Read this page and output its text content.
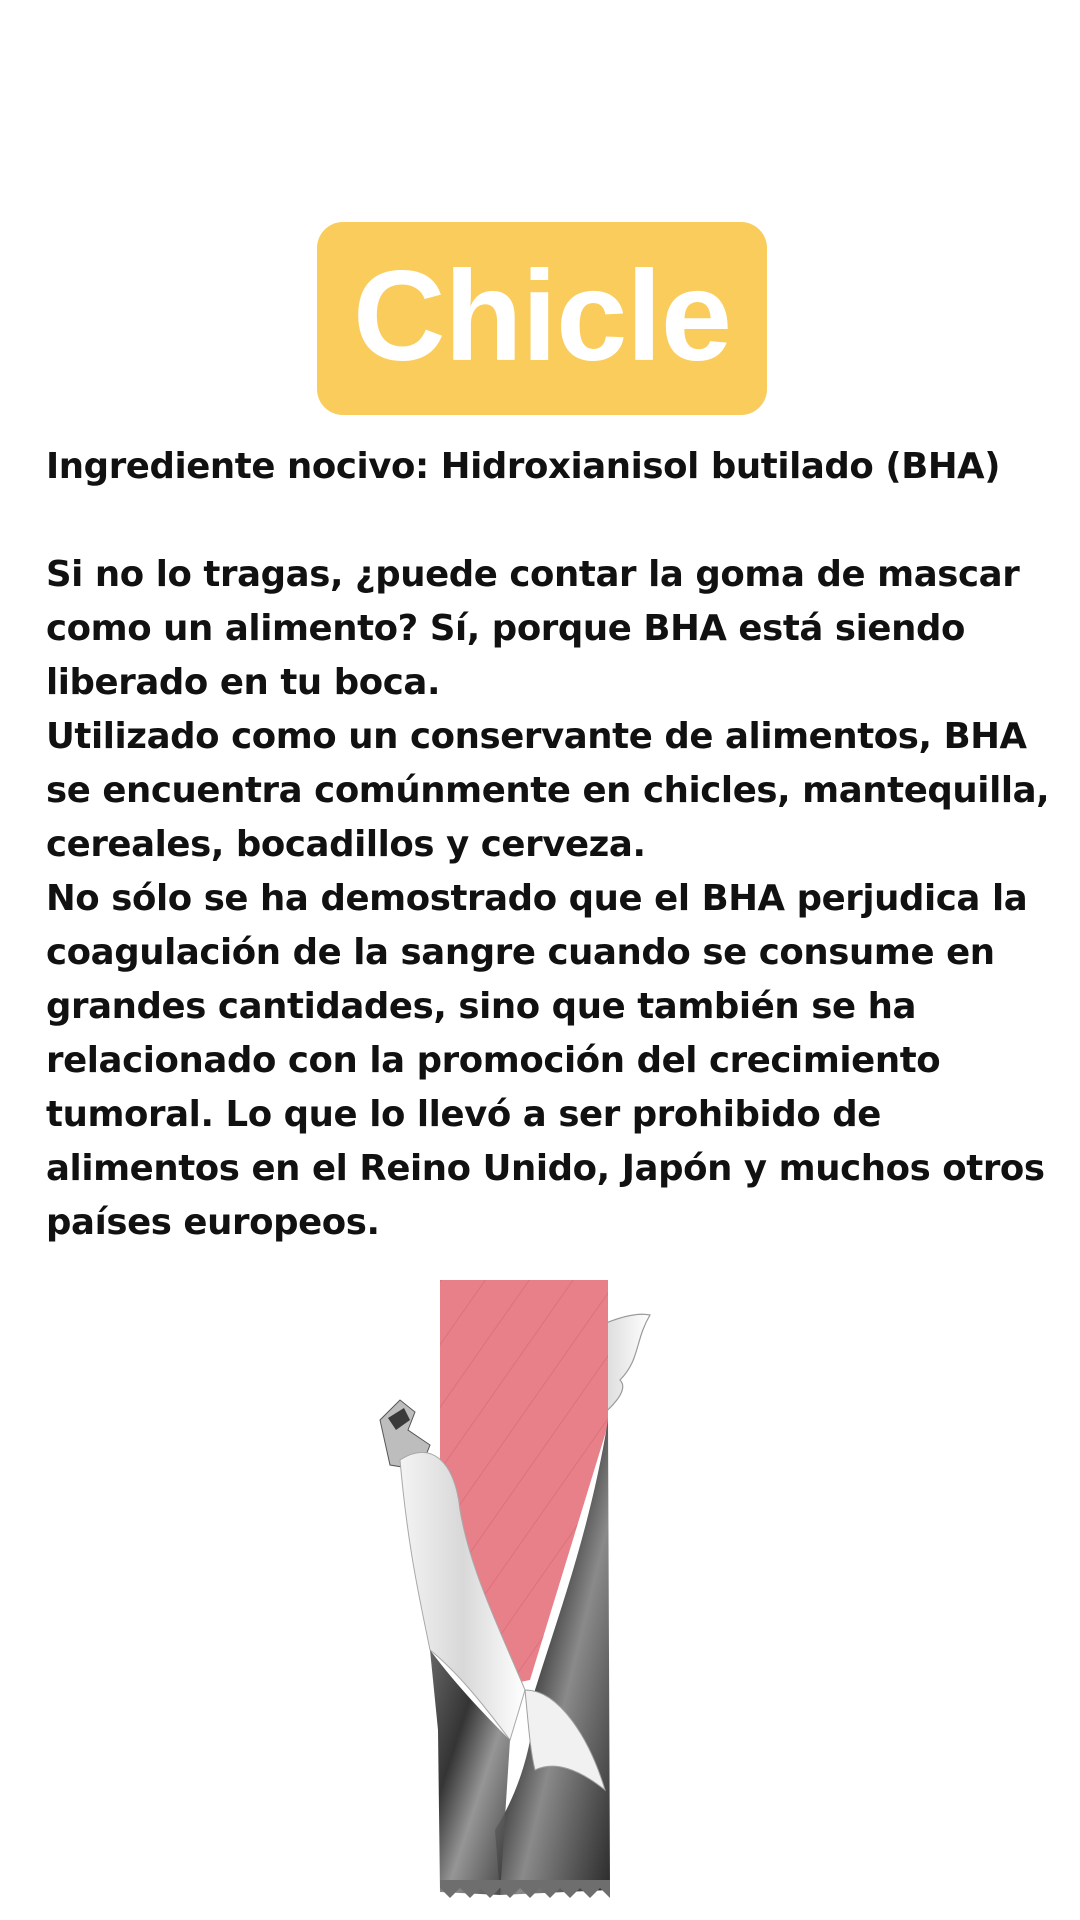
Chicle

Ingrediente nocivo: Hidroxianisol butilado (BHA)

Si no lo tragas, ¿puede contar la goma de mascar

como un alimento? Sí, porque BHA está siendo

liberado en tu boca.

Utilizado como un conservante de alimentos, BHA

se encuentra comúnmente en chicles, mantequilla,

cereales, bocadillos y cerveza.

No sólo se ha demostrado que el BHA perjudica la

coagulación de la sangre cuando se consume en

grandes cantidades, sino que también se ha

relacionado con la promoción del crecimiento

tumoral. Lo que lo llevó a ser prohibido de

alimentos en el Reino Unido, Japón y muchos otros

países europeos.
